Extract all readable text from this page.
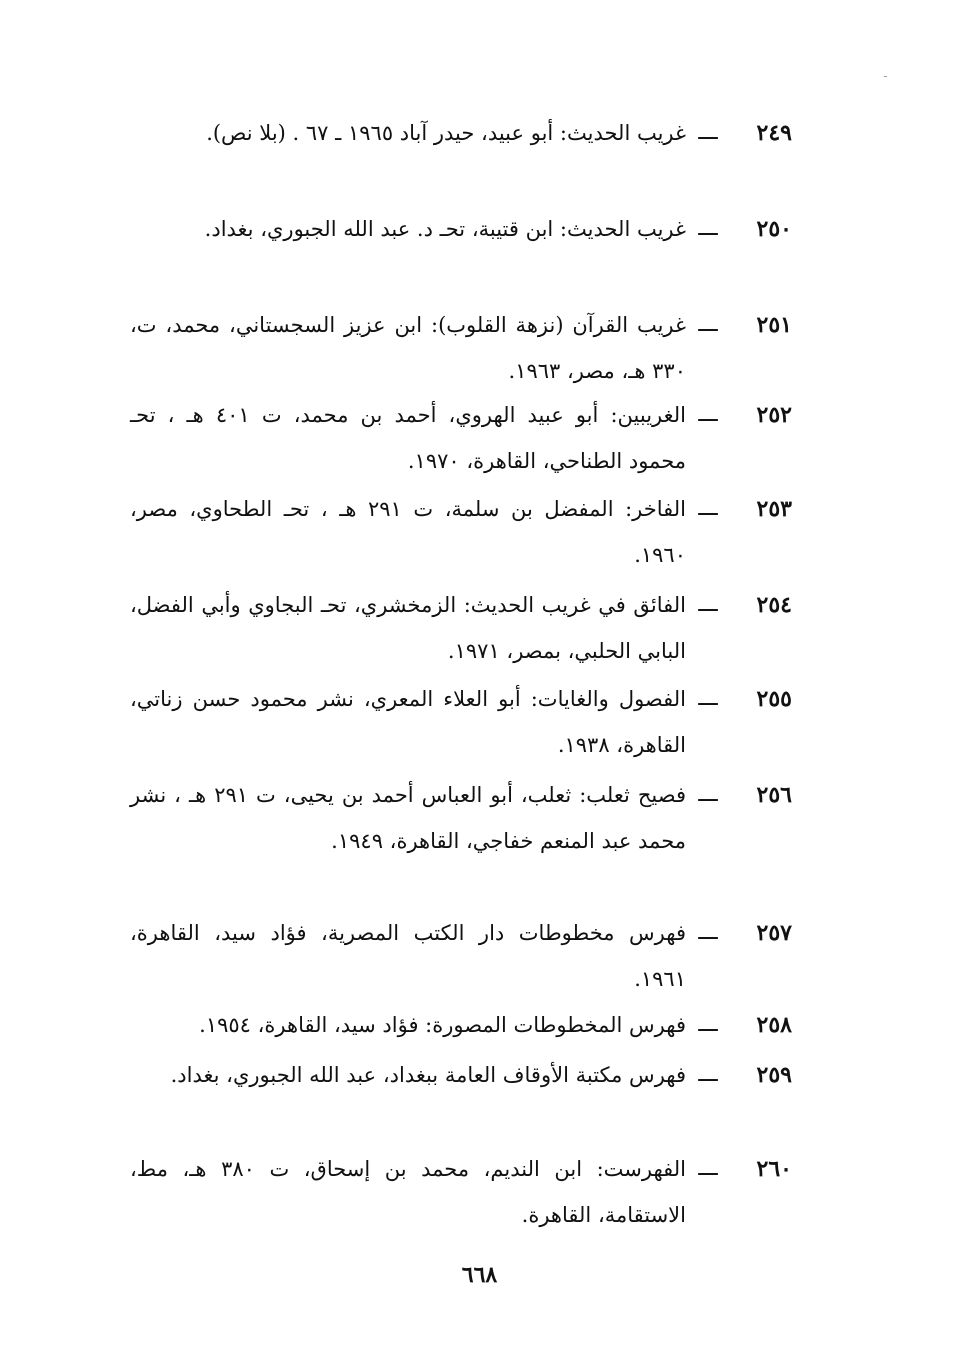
٢٤٩
ـــ
غريب الحديث: أبو عبيد، حيدر آباد ١٩٦٥ ـ ٦٧ . (بلا نص).
٢٥٠
ـــ
غريب الحديث: ابن قتيبة، تحـ د. عبد الله الجبوري، بغداد.
٢٥١
ـــ
غريب القرآن (نزهة القلوب): ابن عزيز السجستاني، محمد، ت، ٣٣٠ هـ، مصر، ١٩٦٣.
٢٥٢
ـــ
الغريبين: أبو عبيد الهروي، أحمد بن محمد، ت ٤٠١ هـ ، تحـ محمود الطناحي، القاهرة، ١٩٧٠.
٢٥٣
ـــ
الفاخر: المفضل بن سلمة، ت ٢٩١ هـ ، تحـ الطحاوي، مصر، ١٩٦٠.
٢٥٤
ـــ
الفائق في غريب الحديث: الزمخشري، تحـ البجاوي وأبي الفضل، البابي الحلبي، بمصر، ١٩٧١.
٢٥٥
ـــ
الفصول والغايات: أبو العلاء المعري، نشر محمود حسن زناتي، القاهرة، ١٩٣٨.
٢٥٦
ـــ
فصيح ثعلب: ثعلب، أبو العباس أحمد بن يحيى، ت ٢٩١ هـ ، نشر محمد عبد المنعم خفاجي، القاهرة، ١٩٤٩.
٢٥٧
ـــ
فهرس مخطوطات دار الكتب المصرية، فؤاد سيد، القاهرة، ١٩٦١.
٢٥٨
ـــ
فهرس المخطوطات المصورة: فؤاد سيد، القاهرة، ١٩٥٤.
٢٥٩
ـــ
فهرس مكتبة الأوقاف العامة ببغداد، عبد الله الجبوري، بغداد.
٢٦٠
ـــ
الفهرست: ابن النديم، محمد بن إسحاق، ت ٣٨٠ هـ، مط، الاستقامة، القاهرة.
٦٦٨
